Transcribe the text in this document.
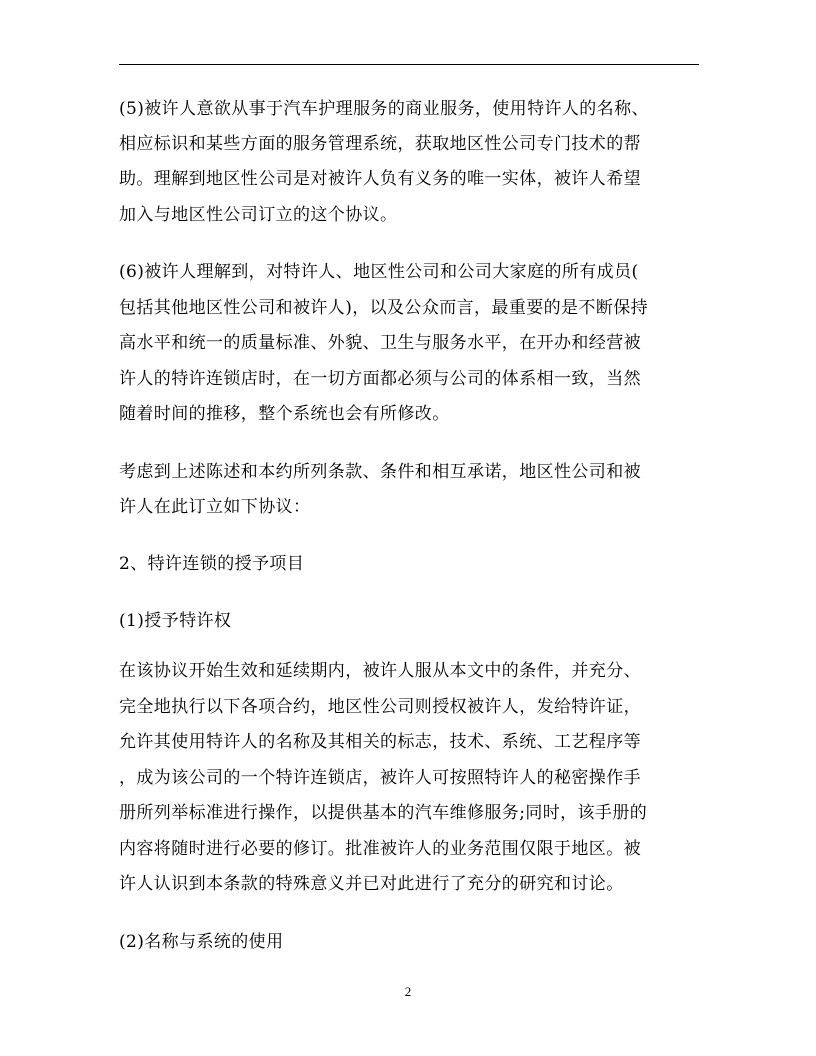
(5)被许人意欲从事于汽车护理服务的商业服务，使用特许人的名称、
相应标识和某些方面的服务管理系统，获取地区性公司专门技术的帮
助。理解到地区性公司是对被许人负有义务的唯一实体，被许人希望
加入与地区性公司订立的这个协议。
(6)被许人理解到，对特许人、地区性公司和公司大家庭的所有成员(
包括其他地区性公司和被许人)，以及公众而言，最重要的是不断保持
高水平和统一的质量标准、外貌、卫生与服务水平，在开办和经营被
许人的特许连锁店时，在一切方面都必须与公司的体系相一致，当然
随着时间的推移，整个系统也会有所修改。
考虑到上述陈述和本约所列条款、条件和相互承诺，地区性公司和被
许人在此订立如下协议：
2、特许连锁的授予项目
(1)授予特许权
在该协议开始生效和延续期内，被许人服从本文中的条件，并充分、
完全地执行以下各项合约，地区性公司则授权被许人，发给特许证，
允许其使用特许人的名称及其相关的标志，技术、系统、工艺程序等
，成为该公司的一个特许连锁店，被许人可按照特许人的秘密操作手
册所列举标准进行操作，以提供基本的汽车维修服务;同时，该手册的
内容将随时进行必要的修订。批准被许人的业务范围仅限于地区。被
许人认识到本条款的特殊意义并已对此进行了充分的研究和讨论。
(2)名称与系统的使用
2
